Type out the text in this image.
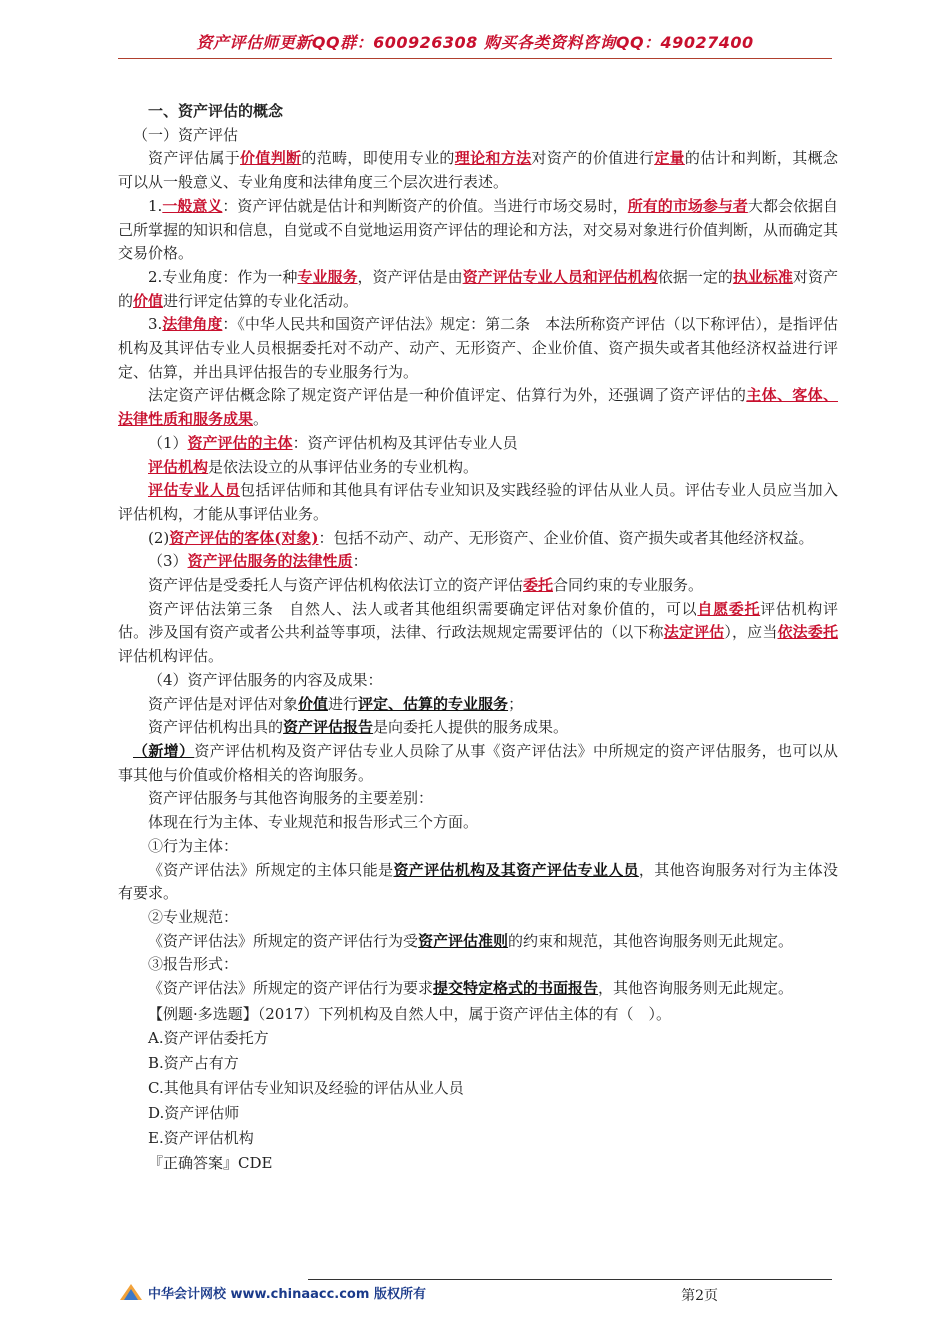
资产评估师更新QQ群：600926308 购买各类资料咨询QQ：49027400

一、资产评估的概念

（一）资产评估

资产评估属于价值判断的范畴，即使用专业的理论和方法对资产的价值进行定量的估计和判断，其概念可以从一般意义、专业角度和法律角度三个层次进行表述。

1.一般意义：资产评估就是估计和判断资产的价值。当进行市场交易时，所有的市场参与者大都会依据自己所掌握的知识和信息，自觉或不自觉地运用资产评估的理论和方法，对交易对象进行价值判断，从而确定其交易价格。

2.专业角度：作为一种专业服务，资产评估是由资产评估专业人员和评估机构依据一定的执业标准对资产的价值进行评定估算的专业化活动。

3.法律角度：《中华人民共和国资产评估法》规定：第二条　本法所称资产评估（以下称评估），是指评估机构及其评估专业人员根据委托对不动产、动产、无形资产、企业价值、资产损失或者其他经济权益进行评定、估算，并出具评估报告的专业服务行为。

法定资产评估概念除了规定资产评估是一种价值评定、估算行为外，还强调了资产评估的主体、客体、法律性质和服务成果。

（1）资产评估的主体：资产评估机构及其评估专业人员

评估机构是依法设立的从事评估业务的专业机构。

评估专业人员包括评估师和其他具有评估专业知识及实践经验的评估从业人员。评估专业人员应当加入评估机构，才能从事评估业务。

(2)资产评估的客体(对象)：包括不动产、动产、无形资产、企业价值、资产损失或者其他经济权益。

（3）资产评估服务的法律性质：

资产评估是受委托人与资产评估机构依法订立的资产评估委托合同约束的专业服务。

资产评估法第三条　自然人、法人或者其他组织需要确定评估对象价值的，可以自愿委托评估机构评估。涉及国有资产或者公共利益等事项，法律、行政法规规定需要评估的（以下称法定评估），应当依法委托评估机构评估。

（4）资产评估服务的内容及成果：

资产评估是对评估对象价值进行评定、估算的专业服务；

资产评估机构出具的资产评估报告是向委托人提供的服务成果。

（新增）资产评估机构及资产评估专业人员除了从事《资产评估法》中所规定的资产评估服务，也可以从事其他与价值或价格相关的咨询服务。

资产评估服务与其他咨询服务的主要差别：

体现在行为主体、专业规范和报告形式三个方面。

①行为主体：

《资产评估法》所规定的主体只能是资产评估机构及其资产评估专业人员，其他咨询服务对行为主体没有要求。

②专业规范：

《资产评估法》所规定的资产评估行为受资产评估准则的约束和规范，其他咨询服务则无此规定。

③报告形式：

《资产评估法》所规定的资产评估行为要求提交特定格式的书面报告，其他咨询服务则无此规定。

【例题·多选题】（2017）下列机构及自然人中，属于资产评估主体的有（　）。

A.资产评估委托方

B.资产占有方

C.其他具有评估专业知识及经验的评估从业人员

D.资产评估师

E.资产评估机构

『正确答案』CDE

中华会计网校 www.chinaacc.com 版权所有	第2页
